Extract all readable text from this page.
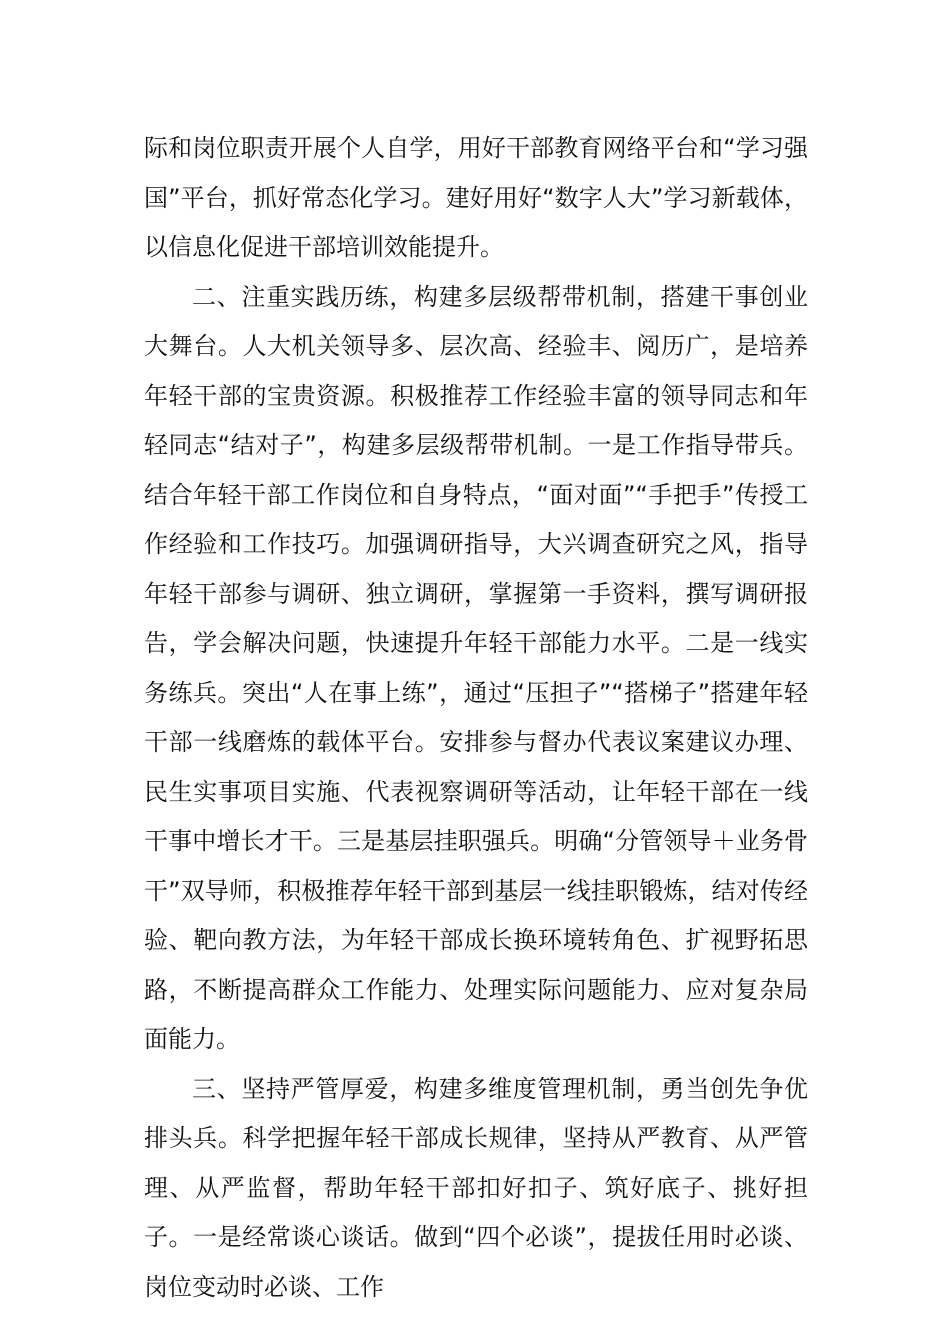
际和岗位职责开展个人自学，用好干部教育网络平台和“学习强国”平台，抓好常态化学习。建好用好“数字人大”学习新载体，以信息化促进干部培训效能提升。

二、注重实践历练，构建多层级帮带机制，搭建干事创业大舞台。人大机关领导多、层次高、经验丰、阅历广，是培养年轻干部的宝贵资源。积极推荐工作经验丰富的领导同志和年轻同志“结对子”，构建多层级帮带机制。一是工作指导带兵。结合年轻干部工作岗位和自身特点，“面对面”“手把手”传授工作经验和工作技巧。加强调研指导，大兴调查研究之风，指导年轻干部参与调研、独立调研，掌握第一手资料，撰写调研报告，学会解决问题，快速提升年轻干部能力水平。二是一线实务练兵。突出“人在事上练”，通过“压担子”“搭梯子”搭建年轻干部一线磨炼的载体平台。安排参与督办代表议案建议办理、民生实事项目实施、代表视察调研等活动，让年轻干部在一线干事中增长才干。三是基层挂职强兵。明确“分管领导＋业务骨干”双导师，积极推荐年轻干部到基层一线挂职锻炼，结对传经验、靶向教方法，为年轻干部成长换环境转角色、扩视野拓思路，不断提高群众工作能力、处理实际问题能力、应对复杂局面能力。

三、坚持严管厚爱，构建多维度管理机制，勇当创先争优排头兵。科学把握年轻干部成长规律，坚持从严教育、从严管理、从严监督，帮助年轻干部扣好扣子、筑好底子、挑好担子。一是经常谈心谈话。做到“四个必谈”，提拔任用时必谈、岗位变动时必谈、工作
